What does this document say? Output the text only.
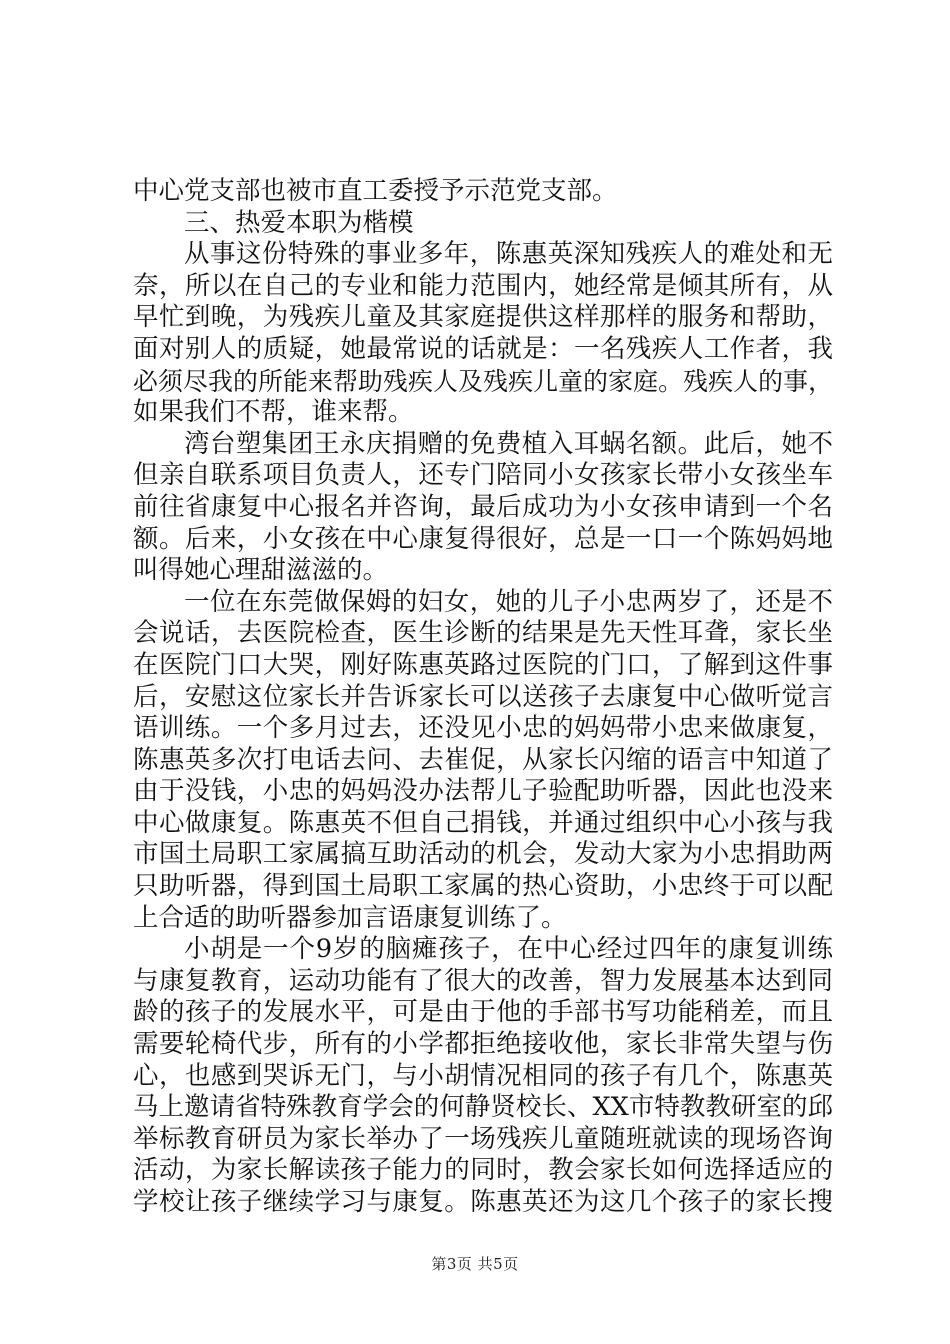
中心党支部也被市直工委授予示范党支部。
三、热爱本职为楷模
从事这份特殊的事业多年，陈惠英深知残疾人的难处和无
奈，所以在自己的专业和能力范围内，她经常是倾其所有，从
早忙到晚，为残疾儿童及其家庭提供这样那样的服务和帮助，
面对别人的质疑，她最常说的话就是：一名残疾人工作者，我
必须尽我的所能来帮助残疾人及残疾儿童的家庭。残疾人的事，
如果我们不帮，谁来帮。
湾台塑集团王永庆捐赠的免费植入耳蜗名额。此后，她不
但亲自联系项目负责人，还专门陪同小女孩家长带小女孩坐车
前往省康复中心报名并咨询，最后成功为小女孩申请到一个名
额。后来，小女孩在中心康复得很好，总是一口一个陈妈妈地
叫得她心理甜滋滋的。
一位在东莞做保姆的妇女，她的儿子小忠两岁了，还是不
会说话，去医院检查，医生诊断的结果是先天性耳聋，家长坐
在医院门口大哭，刚好陈惠英路过医院的门口，了解到这件事
后，安慰这位家长并告诉家长可以送孩子去康复中心做听觉言
语训练。一个多月过去，还没见小忠的妈妈带小忠来做康复，
陈惠英多次打电话去问、去崔促，从家长闪缩的语言中知道了
由于没钱，小忠的妈妈没办法帮儿子验配助听器，因此也没来
中心做康复。陈惠英不但自己捐钱，并通过组织中心小孩与我
市国土局职工家属搞互助活动的机会，发动大家为小忠捐助两
只助听器，得到国土局职工家属的热心资助，小忠终于可以配
上合适的助听器参加言语康复训练了。
小胡是一个9岁的脑瘫孩子，在中心经过四年的康复训练
与康复教育，运动功能有了很大的改善，智力发展基本达到同
龄的孩子的发展水平，可是由于他的手部书写功能稍差，而且
需要轮椅代步，所有的小学都拒绝接收他，家长非常失望与伤
心，也感到哭诉无门，与小胡情况相同的孩子有几个，陈惠英
马上邀请省特殊教育学会的何静贤校长、XX市特教教研室的邱
举标教育研员为家长举办了一场残疾儿童随班就读的现场咨询
活动，为家长解读孩子能力的同时，教会家长如何选择适应的
学校让孩子继续学习与康复。陈惠英还为这几个孩子的家长搜
第3页 共5页
